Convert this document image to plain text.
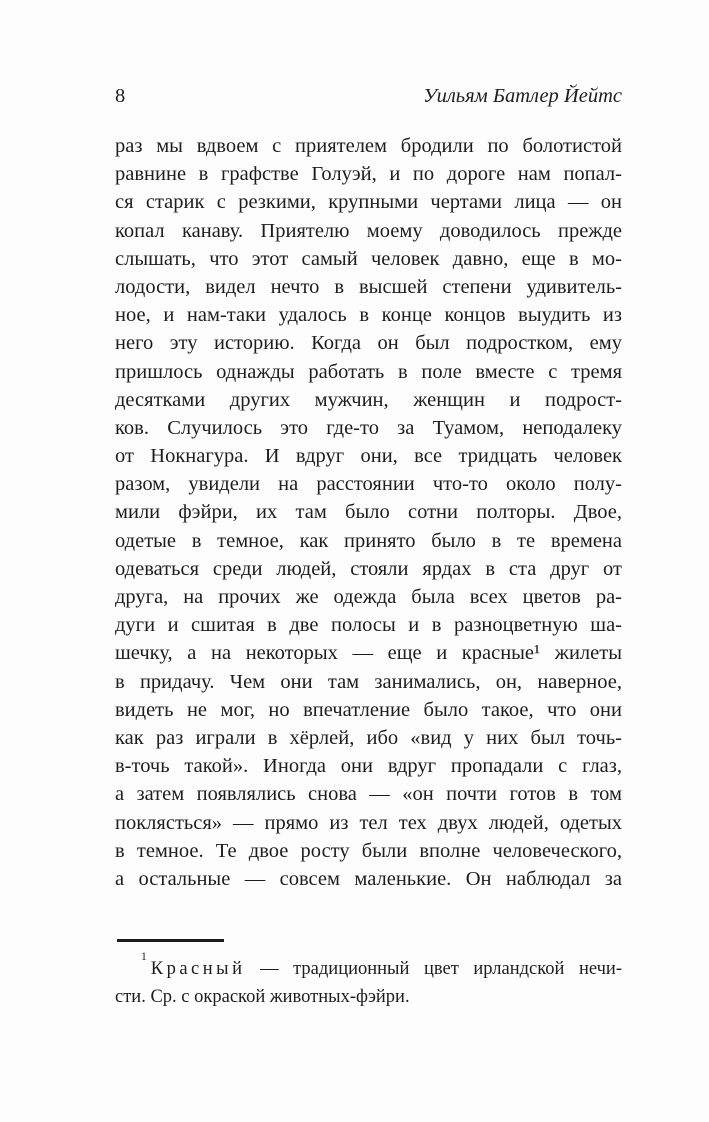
8	Уильям Батлер Йейтс
раз мы вдвоем с приятелем бродили по болотистой
равнине в графстве Голуэй, и по дороге нам попал-
ся старик с резкими, крупными чертами лица — он
копал канаву. Приятелю моему доводилось прежде
слышать, что этот самый человек давно, еще в мо-
лодости, видел нечто в высшей степени удивитель-
ное, и нам-таки удалось в конце концов выудить из
него эту историю. Когда он был подростком, ему
пришлось однажды работать в поле вместе с тремя
десятками других мужчин, женщин и подрост-
ков. Случилось это где-то за Туамом, неподалеку
от Нокнагура. И вдруг они, все тридцать человек
разом, увидели на расстоянии что-то около полу-
мили фэйри, их там было сотни полторы. Двое,
одетые в темное, как принято было в те времена
одеваться среди людей, стояли ярдах в ста друг от
друга, на прочих же одежда была всех цветов ра-
дуги и сшитая в две полосы и в разноцветную ша-
шечку, а на некоторых — еще и красные¹ жилеты
в придачу. Чем они там занимались, он, наверное,
видеть не мог, но впечатление было такое, что они
как раз играли в хёрлей, ибо «вид у них был точь-
в-точь такой». Иногда они вдруг пропадали с глаз,
а затем появлялись снова — «он почти готов в том
поклясться» — прямо из тел тех двух людей, одетых
в темное. Те двое росту были вполне человеческого,
а остальные — совсем маленькие. Он наблюдал за
$^1$Красный — традиционный цвет ирландской нечи-
сти. Ср. с окраской животных-фэйри.
